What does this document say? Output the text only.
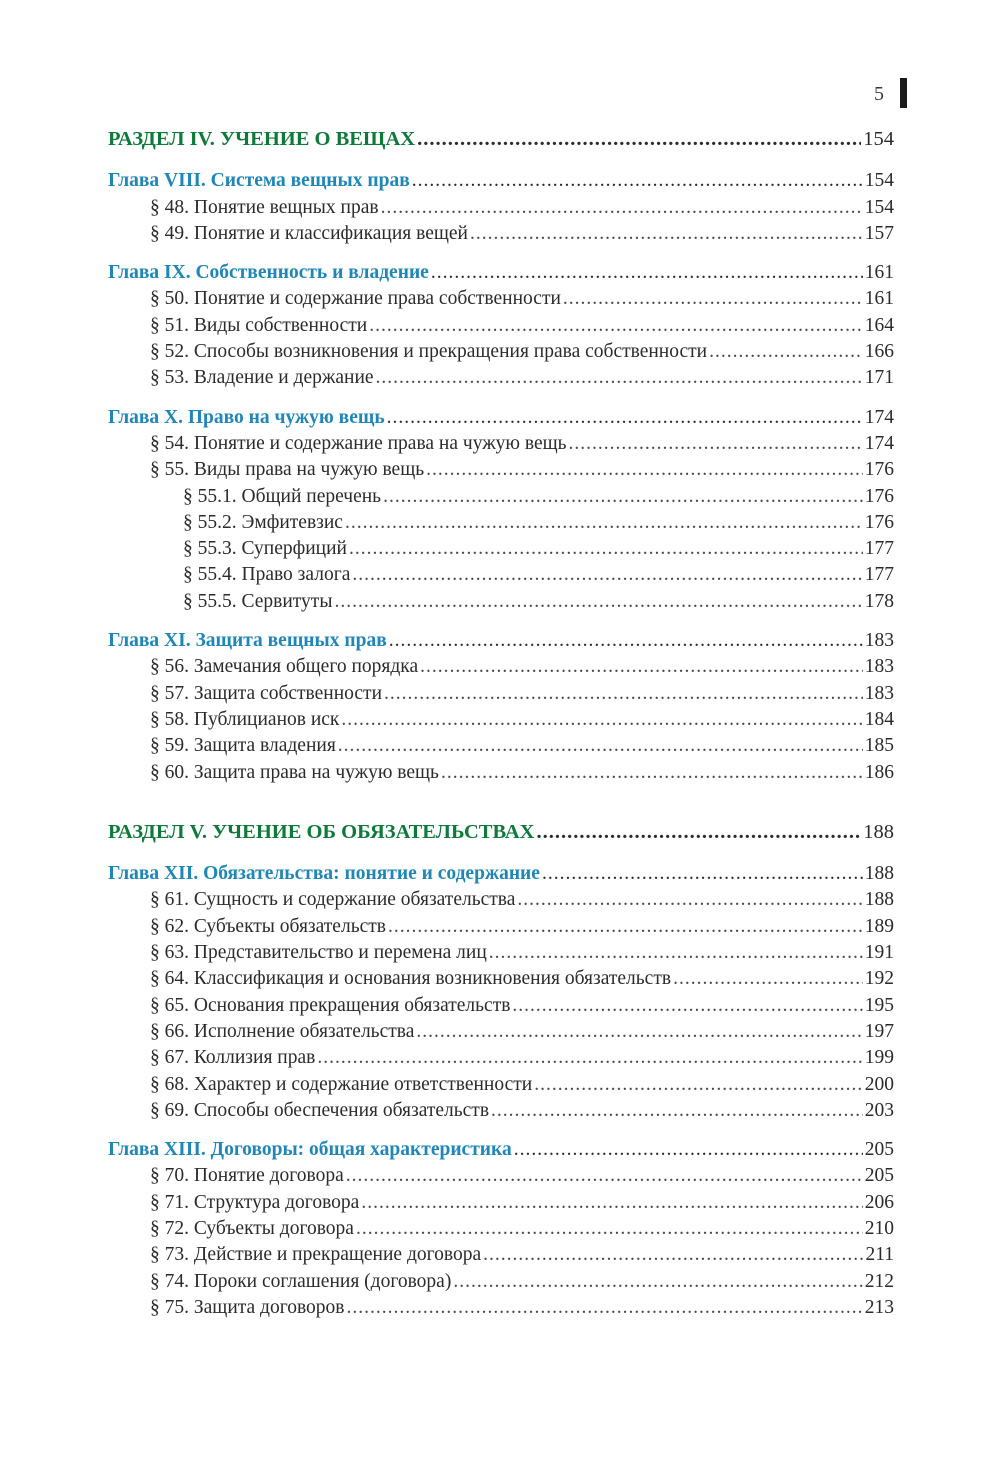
5
РАЗДЕЛ IV. УЧЕНИЕ О ВЕЩАХ .....	154
Глава VIII. Система вещных прав .....	154
§ 48. Понятие вещных прав .....	154
§ 49. Понятие и классификация вещей .....	157
Глава IX. Собственность и владение .....	161
§ 50. Понятие и содержание права собственности .....	161
§ 51. Виды собственности .....	164
§ 52. Способы возникновения и прекращения права собственности .....	166
§ 53. Владение и держание .....	171
Глава X. Право на чужую вещь .....	174
§ 54. Понятие и содержание права на чужую вещь .....	174
§ 55. Виды права на чужую вещь .....	176
§ 55.1. Общий перечень .....	176
§ 55.2. Эмфитевзис .....	176
§ 55.3. Суперфиций .....	177
§ 55.4. Право залога .....	177
§ 55.5. Сервитуты .....	178
Глава XI. Защита вещных прав .....	183
§ 56. Замечания общего порядка .....	183
§ 57. Защита собственности .....	183
§ 58. Публицианов иск .....	184
§ 59. Защита владения .....	185
§ 60. Защита права на чужую вещь .....	186
РАЗДЕЛ V. УЧЕНИЕ ОБ ОБЯЗАТЕЛЬСТВАХ .....	188
Глава XII. Обязательства: понятие и содержание .....	188
§ 61. Сущность и содержание обязательства .....	188
§ 62. Субъекты обязательств .....	189
§ 63. Представительство и перемена лиц .....	191
§ 64. Классификация и основания возникновения обязательств .....	192
§ 65. Основания прекращения обязательств .....	195
§ 66. Исполнение обязательства .....	197
§ 67. Коллизия прав .....	199
§ 68. Характер и содержание ответственности .....	200
§ 69. Способы обеспечения обязательств .....	203
Глава XIII. Договоры: общая характеристика .....	205
§ 70. Понятие договора .....	205
§ 71. Структура договора .....	206
§ 72. Субъекты договора .....	210
§ 73. Действие и прекращение договора .....	211
§ 74. Пороки соглашения (договора) .....	212
§ 75. Защита договоров .....	213
